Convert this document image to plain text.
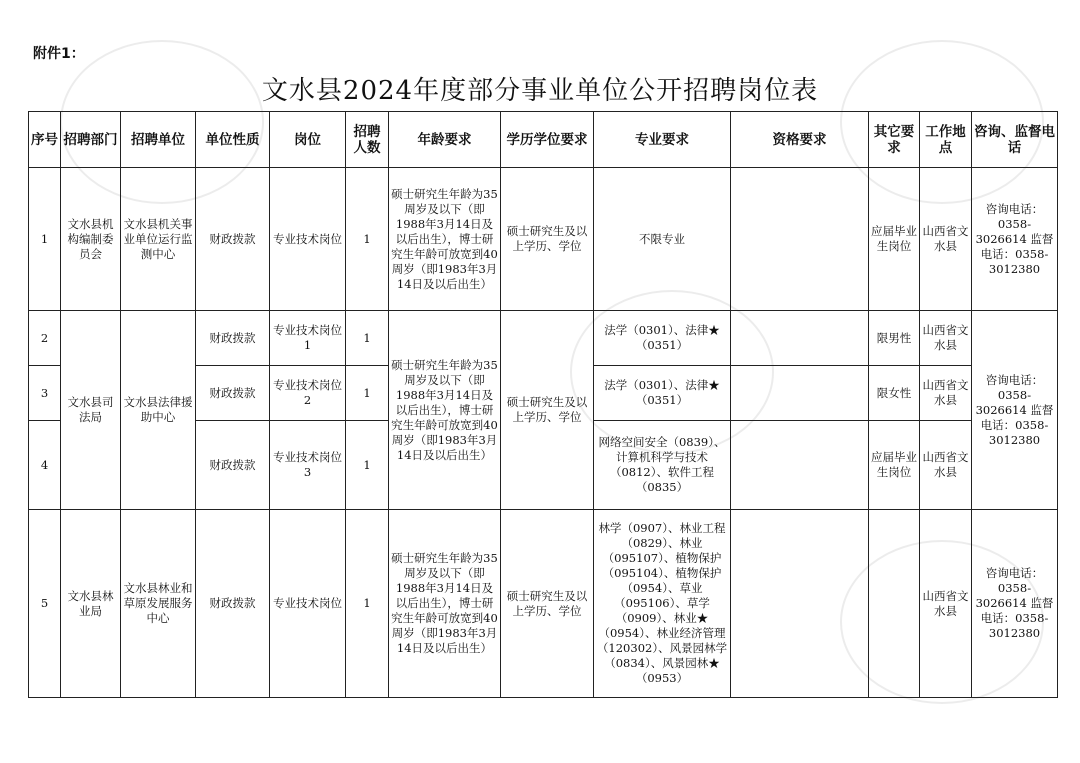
附件1：
文水县2024年度部分事业单位公开招聘岗位表
序号	招聘部门	招聘单位	单位性质	岗位	招聘人数	年龄要求	学历学位要求	专业要求	资格要求	其它要求	工作地点	咨询、监督电话
1	文水县机构编制委员会	文水县机关事业单位运行监测中心	财政拨款	专业技术岗位	1	硕士研究生年龄为35周岁及以下（即1988年3月14日及以后出生），博士研究生年龄可放宽到40周岁（即1983年3月14日及以后出生）	硕士研究生及以上学历、学位	不限专业		应届毕业生岗位	山西省文水县	咨询电话：0358-3026614 监督电话：0358-3012380
2	文水县司法局	文水县法律援助中心	财政拨款	专业技术岗位1	1	硕士研究生年龄为35周岁及以下（即1988年3月14日及以后出生），博士研究生年龄可放宽到40周岁（即1983年3月14日及以后出生）	硕士研究生及以上学历、学位	法学（0301）、法律★（0351）		限男性	山西省文水县	咨询电话：0358-3026614 监督电话：0358-3012380
3			财政拨款	专业技术岗位2	1			法学（0301）、法律★（0351）		限女性	山西省文水县	
4			财政拨款	专业技术岗位3	1			网络空间安全（0839）、计算机科学与技术（0812）、软件工程（0835）		应届毕业生岗位	山西省文水县	
5	文水县林业局	文水县林业和草原发展服务中心	财政拨款	专业技术岗位	1	硕士研究生年龄为35周岁及以下（即1988年3月14日及以后出生），博士研究生年龄可放宽到40周岁（即1983年3月14日及以后出生）	硕士研究生及以上学历、学位	林学（0907）、林业工程（0829）、林业（095107）、植物保护（095104）、植物保护（0954）、草业（095106）、草学（0909）、林业★（0954）、林业经济管理（120302）、风景园林学（0834）、风景园林★（0953）			山西省文水县	咨询电话：0358-3026614 监督电话：0358-3012380
